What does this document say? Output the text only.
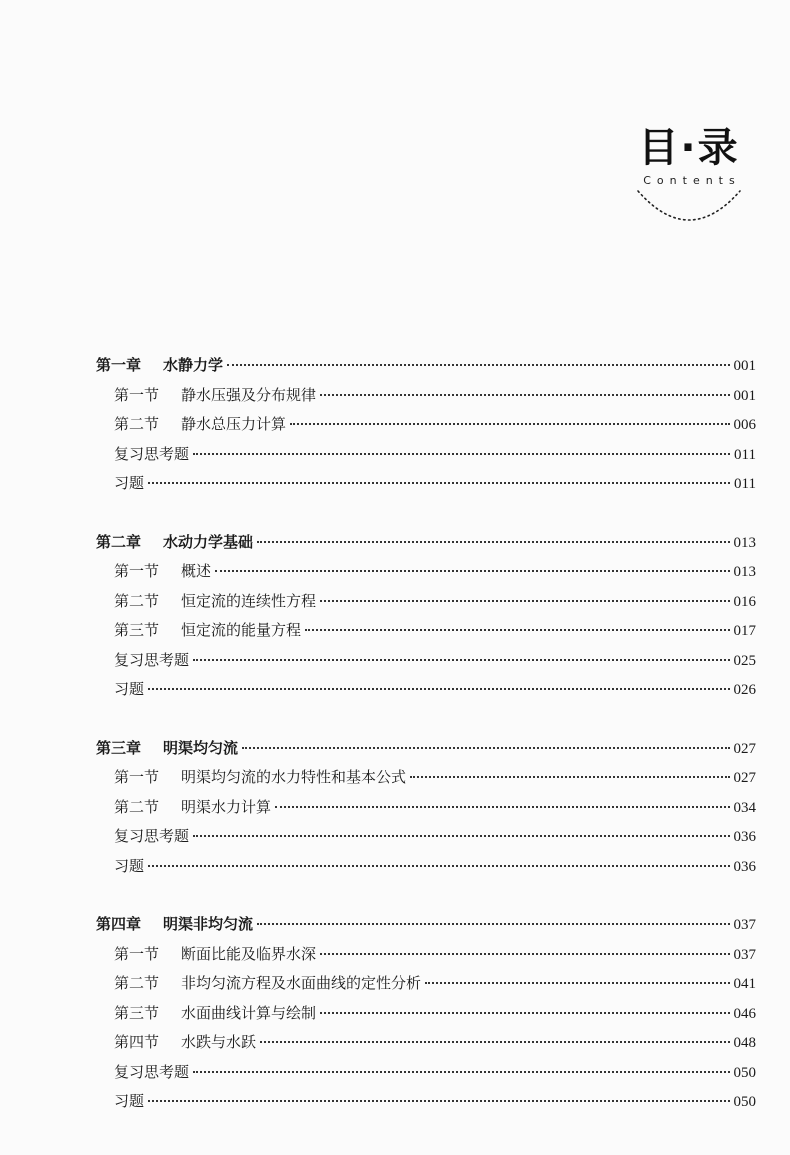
目·录
Contents
第一章 水静力学	001
第一节 静水压强及分布规律	001
第二节 静水总压力计算	006
复习思考题	011
习题	011
第二章 水动力学基础	013
第一节 概述	013
第二节 恒定流的连续性方程	016
第三节 恒定流的能量方程	017
复习思考题	025
习题	026
第三章 明渠均匀流	027
第一节 明渠均匀流的水力特性和基本公式	027
第二节 明渠水力计算	034
复习思考题	036
习题	036
第四章 明渠非均匀流	037
第一节 断面比能及临界水深	037
第二节 非均匀流方程及水面曲线的定性分析	041
第三节 水面曲线计算与绘制	046
第四节 水跌与水跃	048
复习思考题	050
习题	050
